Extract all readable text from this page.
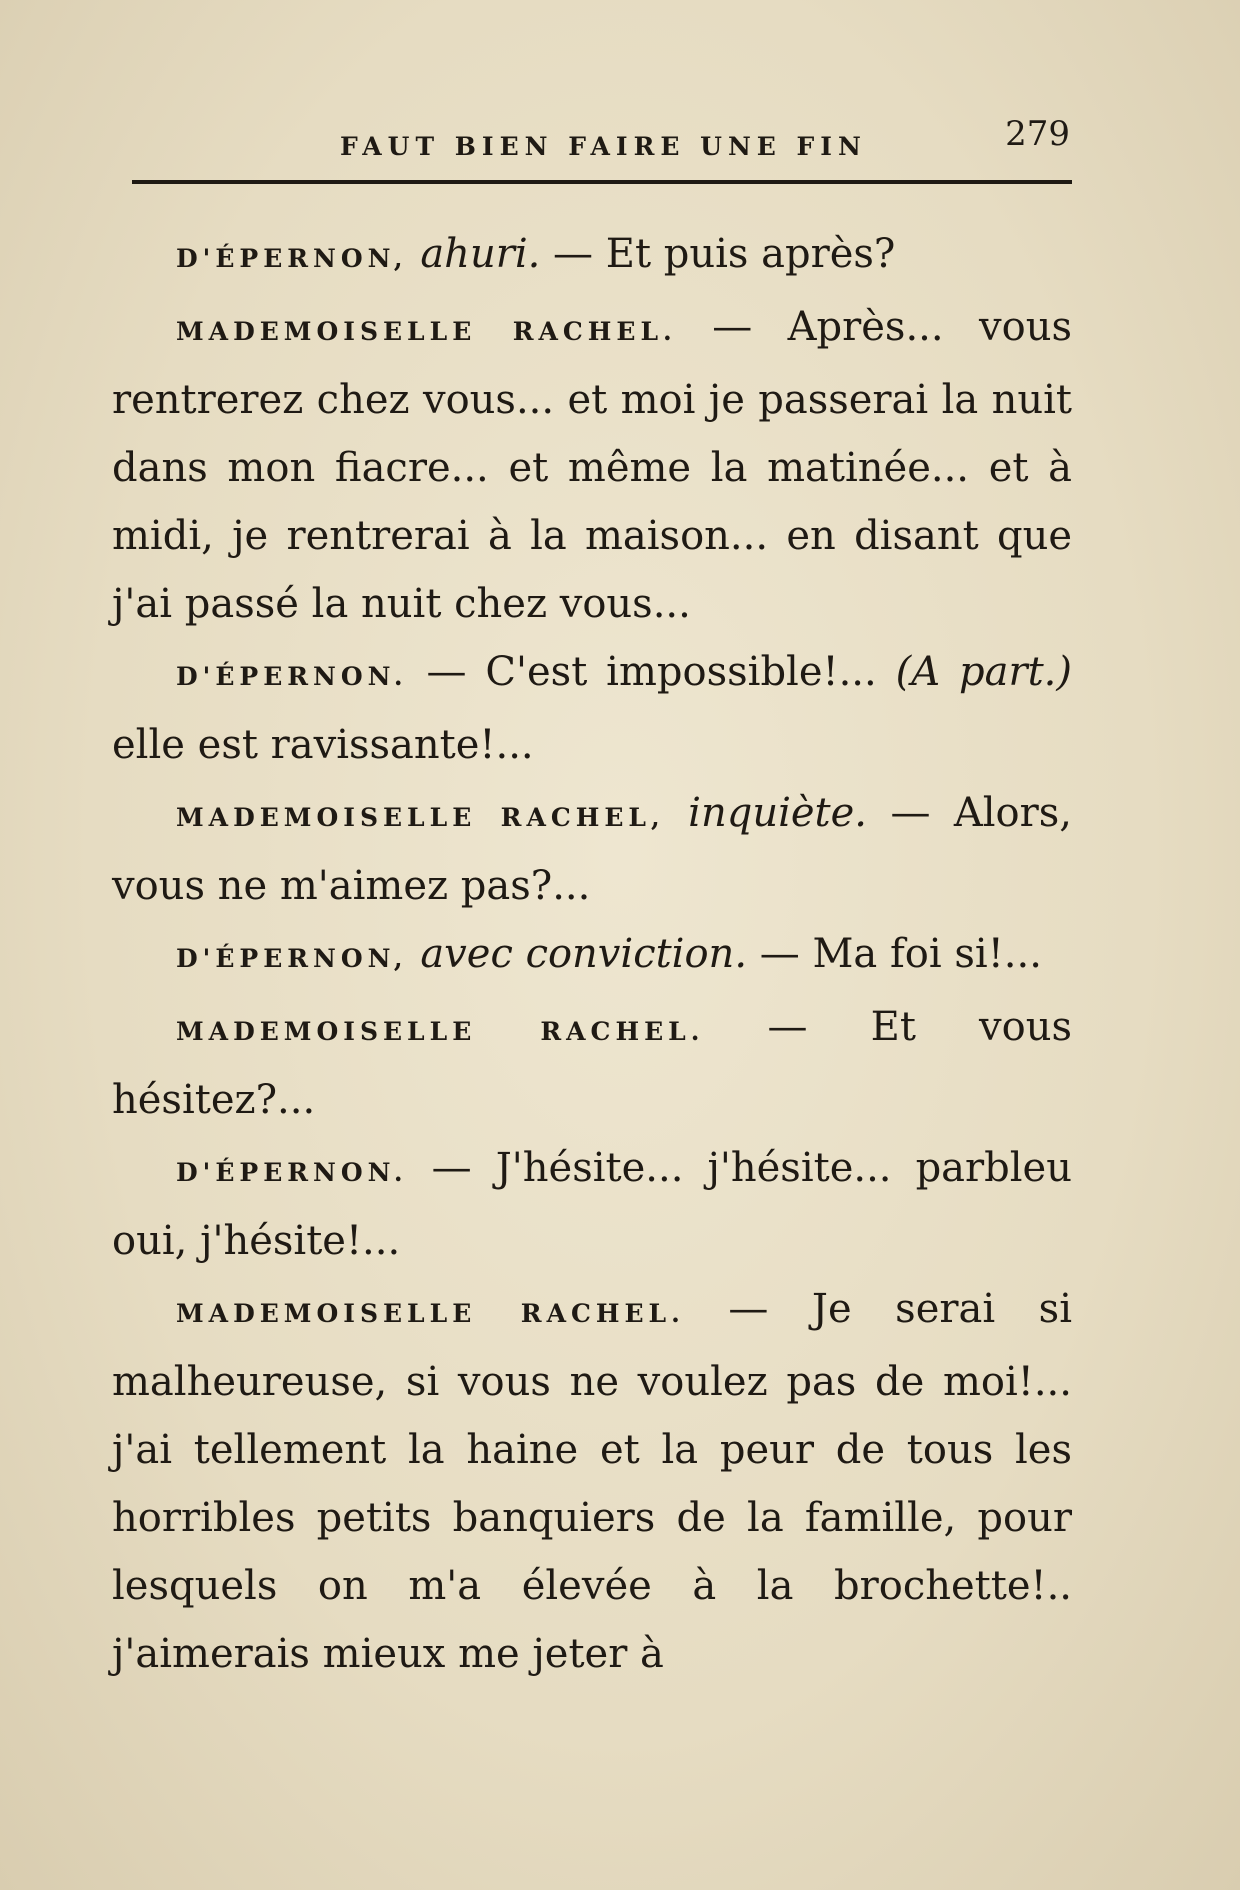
FAUT BIEN FAIRE UNE FIN	279

D'ÉPERNON, ahuri. — Et puis après?

MADEMOISELLE RACHEL. — Après... vous rentrerez chez vous... et moi je passerai la nuit dans mon fiacre... et même la matinée... et à midi, je rentrerai à la maison... en disant que j'ai passé la nuit chez vous...

D'ÉPERNON. — C'est impossible!... (A part.) elle est ravissante!...

MADEMOISELLE RACHEL, inquiète. — Alors, vous ne m'aimez pas?...

D'ÉPERNON, avec conviction. — Ma foi si!...

MADEMOISELLE RACHEL. — Et vous hésitez?...

D'ÉPERNON. — J'hésite... j'hésite... parbleu oui, j'hésite!...

MADEMOISELLE RACHEL. — Je serai si malheureuse, si vous ne voulez pas de moi!... j'ai tellement la haine et la peur de tous les horribles petits banquiers de la famille, pour lesquels on m'a élevée à la brochette!.. j'aimerais mieux me jeter à
